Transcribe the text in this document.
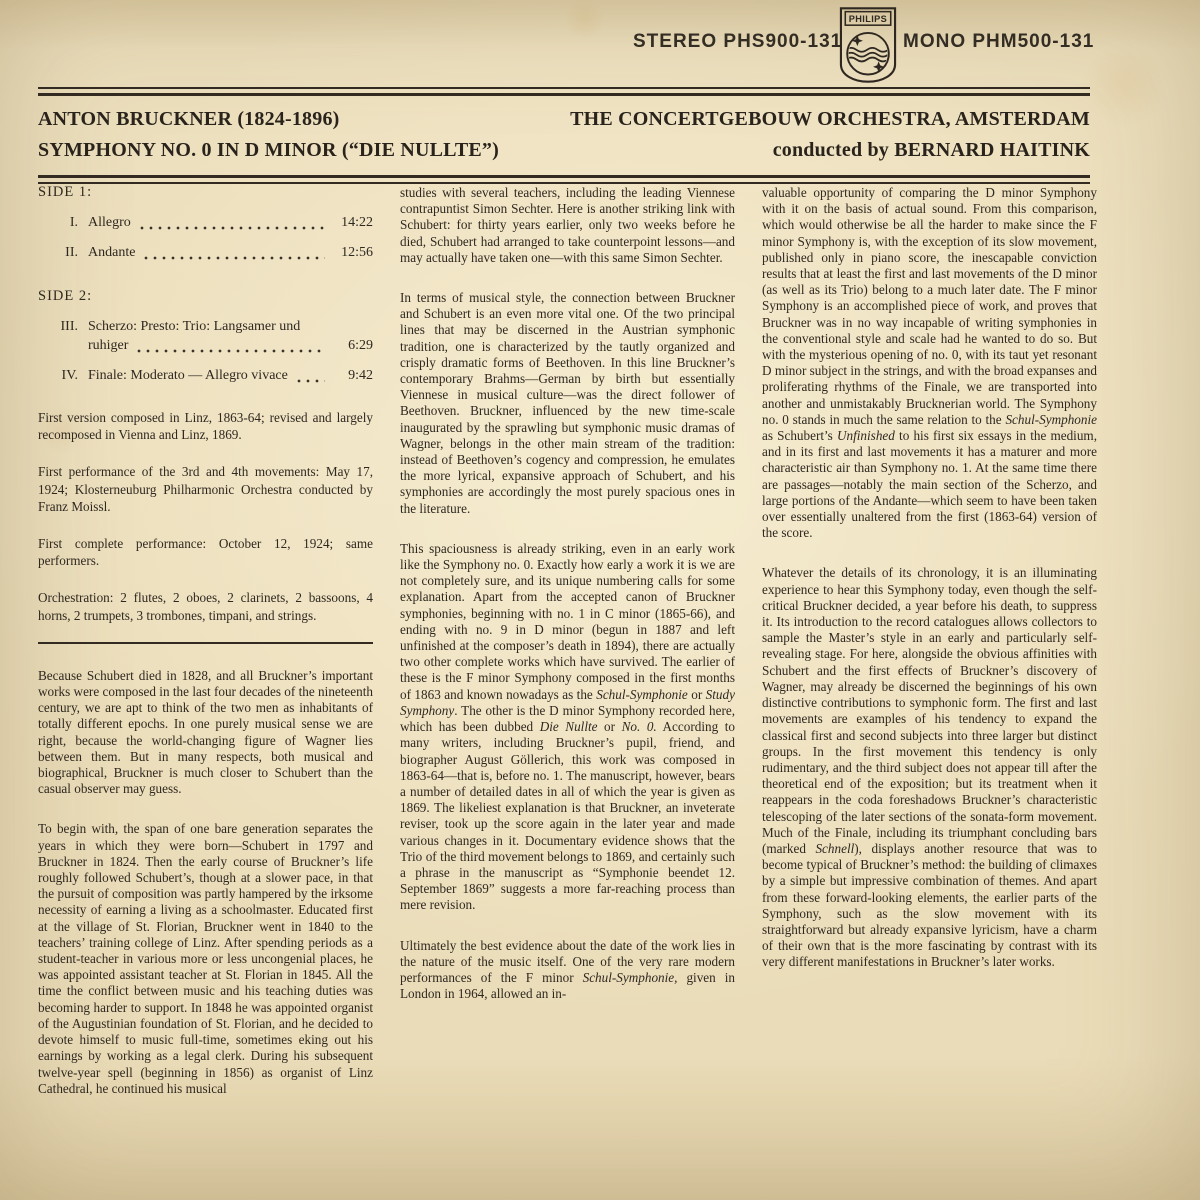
STEREO PHS900-131
PHILIPS
MONO PHM500-131
ANTON BRUCKNER (1824-1896)
SYMPHONY NO. 0 IN D MINOR (“DIE NULLTE”)
THE CONCERTGEBOUW ORCHESTRA, AMSTERDAM
conducted by BERNARD HAITINK
SIDE 1:
I. Allegro	14:22
II. Andante	12:56
SIDE 2:
III. Scherzo: Presto: Trio: Langsamer und
ruhiger	6:29
IV. Finale: Moderato — Allegro vivace	9:42

First version composed in Linz, 1863-64; revised and largely recomposed in Vienna and Linz, 1869.

First performance of the 3rd and 4th movements: May 17, 1924; Klosterneuburg Philharmonic Orchestra conducted by Franz Moissl.

First complete performance: October 12, 1924; same performers.

Orchestration: 2 flutes, 2 oboes, 2 clarinets, 2 bassoons, 4 horns, 2 trumpets, 3 trombones, timpani, and strings.

Because Schubert died in 1828, and all Bruckner’s important works were composed in the last four decades of the nineteenth century, we are apt to think of the two men as inhabitants of totally different epochs. In one purely musical sense we are right, because the world-changing figure of Wagner lies between them. But in many respects, both musical and biographical, Bruckner is much closer to Schubert than the casual observer may guess.

To begin with, the span of one bare generation separates the years in which they were born—Schubert in 1797 and Bruckner in 1824. Then the early course of Bruckner’s life roughly followed Schubert’s, though at a slower pace, in that the pursuit of composition was partly hampered by the irksome necessity of earning a living as a schoolmaster. Educated first at the village of St. Florian, Bruckner went in 1840 to the teachers’ training college of Linz. After spending periods as a student-teacher in various more or less uncongenial places, he was appointed assistant teacher at St. Florian in 1845. All the time the conflict between music and his teaching duties was becoming harder to support. In 1848 he was appointed organist of the Augustinian foundation of St. Florian, and he decided to devote himself to music full-time, sometimes eking out his earnings by working as a legal clerk. During his subsequent twelve-year spell (beginning in 1856) as organist of Linz Cathedral, he continued his musical

studies with several teachers, including the leading Viennese contrapuntist Simon Sechter. Here is another striking link with Schubert: for thirty years earlier, only two weeks before he died, Schubert had arranged to take counterpoint lessons—and may actually have taken one—with this same Simon Sechter.

In terms of musical style, the connection between Bruckner and Schubert is an even more vital one. Of the two principal lines that may be discerned in the Austrian symphonic tradition, one is characterized by the tautly organized and crisply dramatic forms of Beethoven. In this line Bruckner’s contemporary Brahms—German by birth but essentially Viennese in musical culture—was the direct follower of Beethoven. Bruckner, influenced by the new time-scale inaugurated by the sprawling but symphonic music dramas of Wagner, belongs in the other main stream of the tradition: instead of Beethoven’s cogency and compression, he emulates the more lyrical, expansive approach of Schubert, and his symphonies are accordingly the most purely spacious ones in the literature.

This spaciousness is already striking, even in an early work like the Symphony no. 0. Exactly how early a work it is we are not completely sure, and its unique numbering calls for some explanation. Apart from the accepted canon of Bruckner symphonies, beginning with no. 1 in C minor (1865-66), and ending with no. 9 in D minor (begun in 1887 and left unfinished at the composer’s death in 1894), there are actually two other complete works which have survived. The earlier of these is the F minor Symphony composed in the first months of 1863 and known nowadays as the Schul-Symphonie or Study Symphony. The other is the D minor Symphony recorded here, which has been dubbed Die Nullte or No. 0. According to many writers, including Bruckner’s pupil, friend, and biographer August Göllerich, this work was composed in 1863-64—that is, before no. 1. The manuscript, however, bears a number of detailed dates in all of which the year is given as 1869. The likeliest explanation is that Bruckner, an inveterate reviser, took up the score again in the later year and made various changes in it. Documentary evidence shows that the Trio of the third movement belongs to 1869, and certainly such a phrase in the manuscript as “Symphonie beendet 12. September 1869” suggests a more far-reaching process than mere revision.

Ultimately the best evidence about the date of the work lies in the nature of the music itself. One of the very rare modern performances of the F minor Schul-Symphonie, given in London in 1964, allowed an in-

valuable opportunity of comparing the D minor Symphony with it on the basis of actual sound. From this comparison, which would otherwise be all the harder to make since the F minor Symphony is, with the exception of its slow movement, published only in piano score, the inescapable conviction results that at least the first and last movements of the D minor (as well as its Trio) belong to a much later date. The F minor Symphony is an accomplished piece of work, and proves that Bruckner was in no way incapable of writing symphonies in the conventional style and scale had he wanted to do so. But with the mysterious opening of no. 0, with its taut yet resonant D minor subject in the strings, and with the broad expanses and proliferating rhythms of the Finale, we are transported into another and unmistakably Brucknerian world. The Symphony no. 0 stands in much the same relation to the Schul-Symphonie as Schubert’s Unfinished to his first six essays in the medium, and in its first and last movements it has a maturer and more characteristic air than Symphony no. 1. At the same time there are passages—notably the main section of the Scherzo, and large portions of the Andante—which seem to have been taken over essentially unaltered from the first (1863-64) version of the score.

Whatever the details of its chronology, it is an illuminating experience to hear this Symphony today, even though the self-critical Bruckner decided, a year before his death, to suppress it. Its introduction to the record catalogues allows collectors to sample the Master’s style in an early and particularly self-revealing stage. For here, alongside the obvious affinities with Schubert and the first effects of Bruckner’s discovery of Wagner, may already be discerned the beginnings of his own distinctive contributions to symphonic form. The first and last movements are examples of his tendency to expand the classical first and second subjects into three larger but distinct groups. In the first movement this tendency is only rudimentary, and the third subject does not appear till after the theoretical end of the exposition; but its treatment when it reappears in the coda foreshadows Bruckner’s characteristic telescoping of the later sections of the sonata-form movement. Much of the Finale, including its triumphant concluding bars (marked Schnell), displays another resource that was to become typical of Bruckner’s method: the building of climaxes by a simple but impressive combination of themes. And apart from these forward-looking elements, the earlier parts of the Symphony, such as the slow movement with its straightforward but already expansive lyricism, have a charm of their own that is the more fascinating by contrast with its very different manifestations in Bruckner’s later works.
